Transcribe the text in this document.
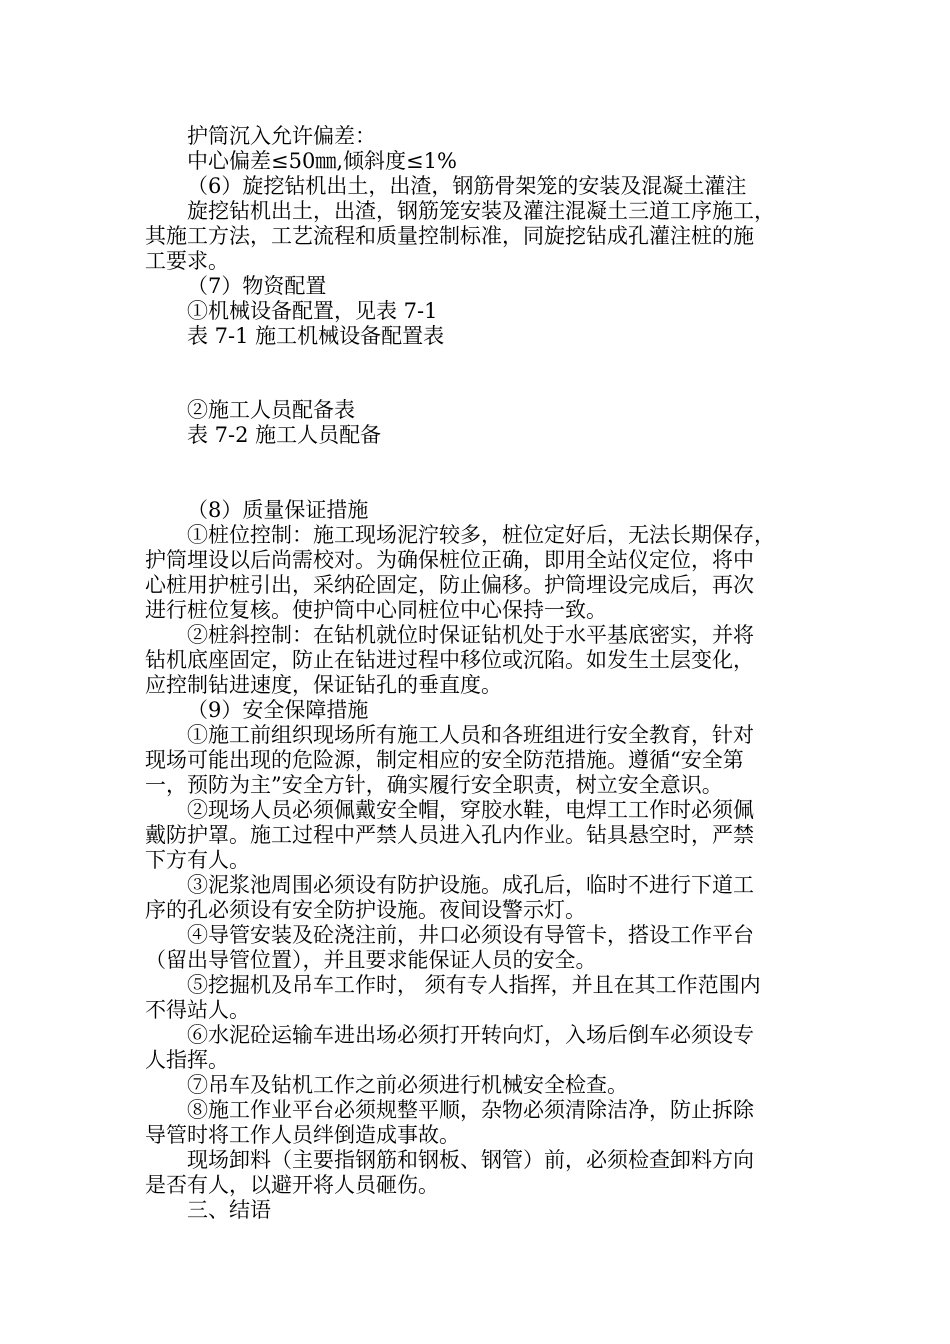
护筒沉入允许偏差：
中心偏差≤50㎜,倾斜度≤1%
（6）旋挖钻机出土，出渣，钢筋骨架笼的安装及混凝土灌注
旋挖钻机出土，出渣，钢筋笼安装及灌注混凝土三道工序施工，
其施工方法，工艺流程和质量控制标准，同旋挖钻成孔灌注桩的施
工要求。
（7）物资配置
①机械设备配置，见表 7-1
表 7-1 施工机械设备配置表
②施工人员配备表
表 7-2 施工人员配备
（8）质量保证措施
①桩位控制：施工现场泥泞较多，桩位定好后，无法长期保存，
护筒埋设以后尚需校对。为确保桩位正确，即用全站仪定位，将中
心桩用护桩引出，采纳砼固定，防止偏移。护筒埋设完成后，再次
进行桩位复核。使护筒中心同桩位中心保持一致。
②桩斜控制：在钻机就位时保证钻机处于水平基底密实，并将
钻机底座固定，防止在钻进过程中移位或沉陷。如发生土层变化，
应控制钻进速度，保证钻孔的垂直度。
（9）安全保障措施
①施工前组织现场所有施工人员和各班组进行安全教育，针对
现场可能出现的危险源，制定相应的安全防范措施。遵循“安全第
一，预防为主”安全方针，确实履行安全职责，树立安全意识。
②现场人员必须佩戴安全帽，穿胶水鞋，电焊工工作时必须佩
戴防护罩。施工过程中严禁人员进入孔内作业。钻具悬空时，严禁
下方有人。
③泥浆池周围必须设有防护设施。成孔后，临时不进行下道工
序的孔必须设有安全防护设施。夜间设警示灯。
④导管安装及砼浇注前，井口必须设有导管卡，搭设工作平台
（留出导管位置），并且要求能保证人员的安全。
⑤挖掘机及吊车工作时， 须有专人指挥，并且在其工作范围内
不得站人。
⑥水泥砼运输车进出场必须打开转向灯，入场后倒车必须设专
人指挥。
⑦吊车及钻机工作之前必须进行机械安全检查。
⑧施工作业平台必须规整平顺，杂物必须清除洁净，防止拆除
导管时将工作人员绊倒造成事故。
现场卸料（主要指钢筋和钢板、钢管）前，必须检查卸料方向
是否有人，以避开将人员砸伤。
三、结语
